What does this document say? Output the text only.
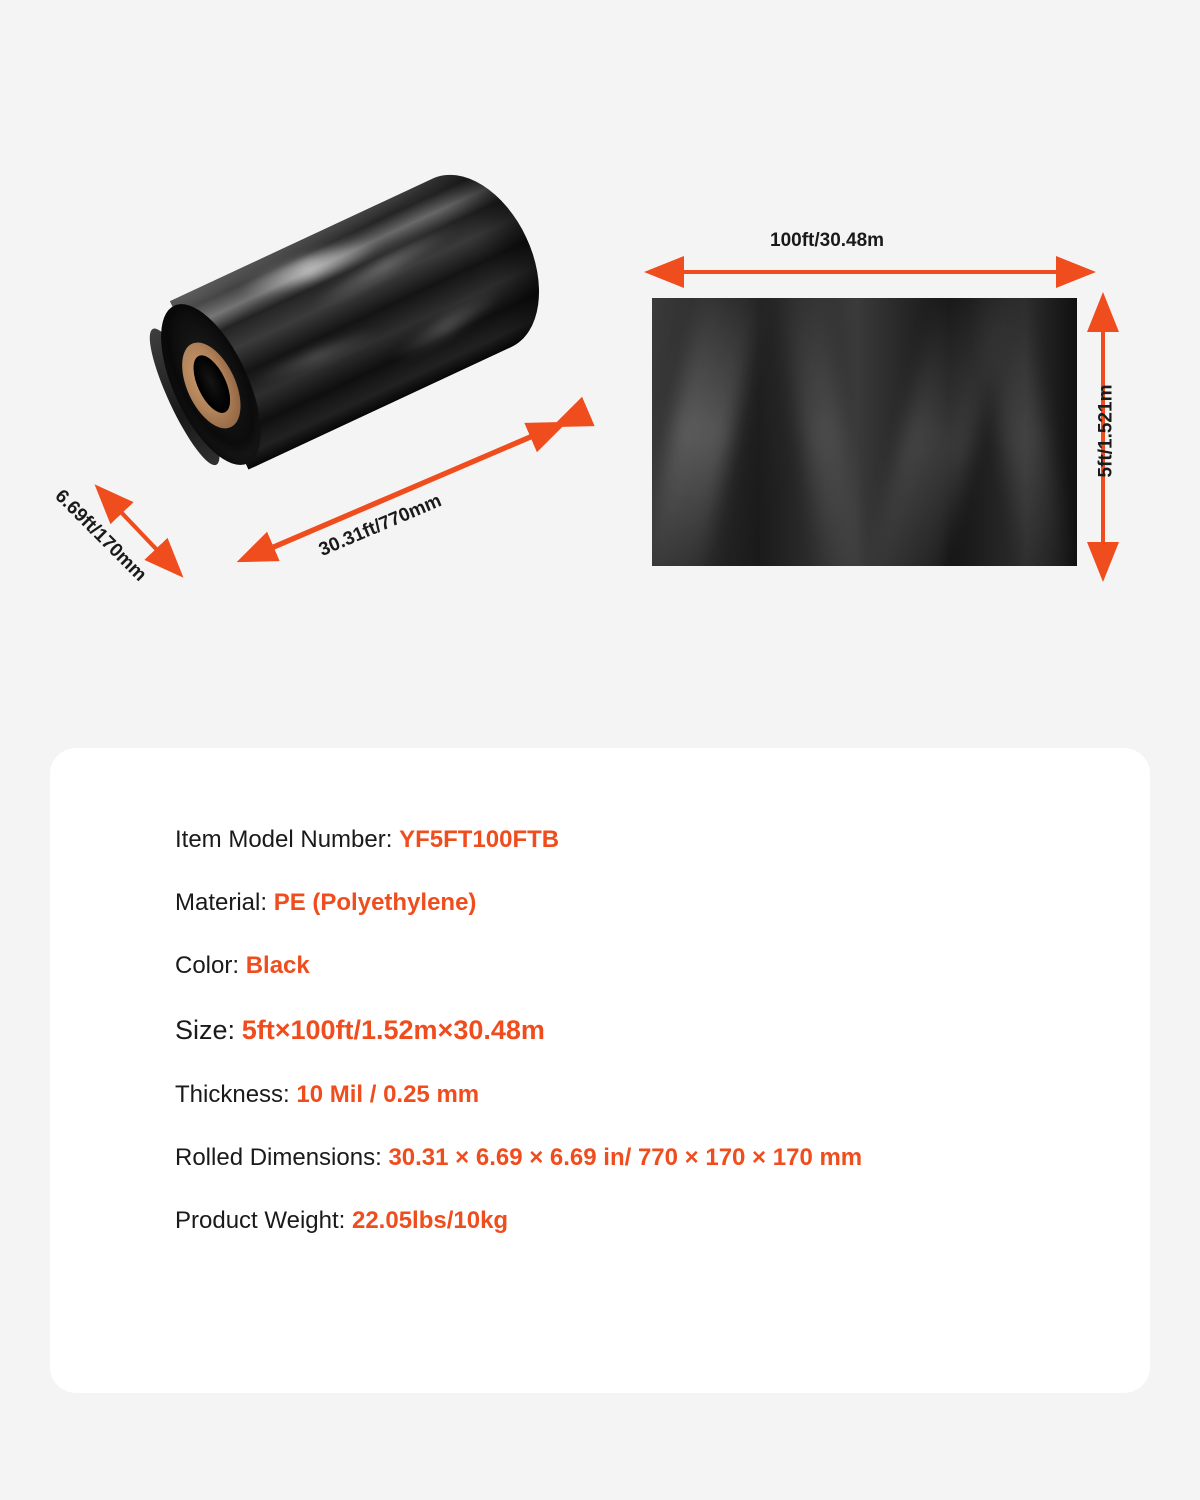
30.31ft/770mm
6.69ft/170mm
100ft/30.48m
5ft/1.521m
Item Model Number: YF5FT100FTB
Material: PE (Polyethylene)
Color: Black
Size: 5ft×100ft/1.52m×30.48m
Thickness: 10 Mil / 0.25 mm
Rolled Dimensions: 30.31 × 6.69 × 6.69 in/ 770 × 170 × 170 mm
Product Weight: 22.05lbs/10kg
